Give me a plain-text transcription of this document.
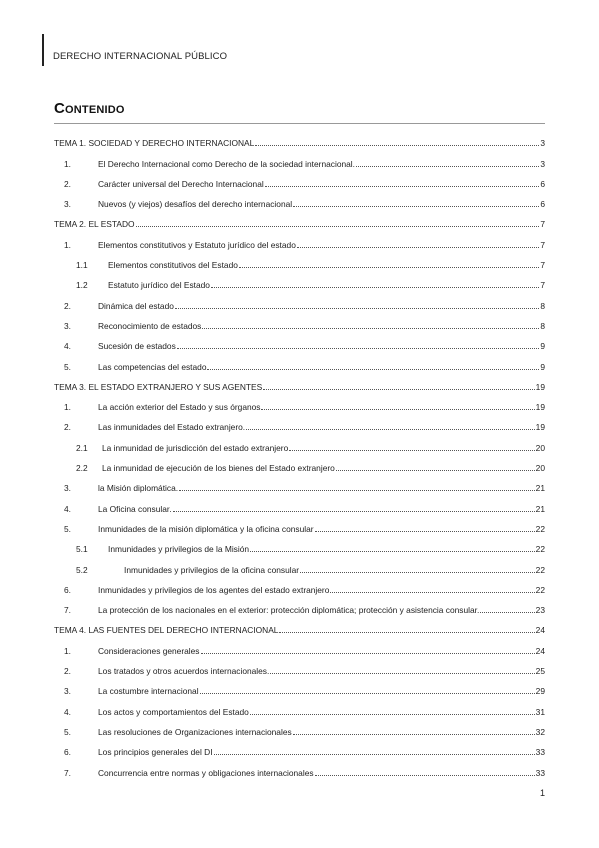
DERECHO INTERNACIONAL PÚBLICO
Contenido
TEMA 1. SOCIEDAD Y DERECHO INTERNACIONAL	3
1.	El Derecho Internacional como Derecho de la sociedad internacional.	3
2.	Carácter universal del Derecho Internacional	6
3.	Nuevos (y viejos) desafíos del derecho internacional	6
TEMA 2. EL ESTADO	7
1.	Elementos constitutivos y Estatuto jurídico del estado	7
1.1	Elementos constitutivos del Estado	7
1.2	Estatuto jurídico del Estado	7
2.	Dinámica del estado	8
3.	Reconocimiento de estados	8
4.	Sucesión de estados	9
5.	Las competencias del estado	9
TEMA 3. EL ESTADO EXTRANJERO Y SUS AGENTES	19
1.	La acción exterior del Estado y sus órganos	19
2.	Las inmunidades del Estado extranjero.	19
2.1	La inmunidad de jurisdicción del estado extranjero	20
2.2	La inmunidad de ejecución de los bienes del Estado extranjero	20
3.	la Misión diplomática.	21
4.	La Oficina consular.	21
5.	Inmunidades de la misión diplomática y la oficina consular	22
5.1	Inmunidades y privilegios de la Misión	22
5.2	Inmunidades y privilegios de la oficina consular	22
6.	Inmunidades y privilegios de los agentes del estado extranjero	22
7.	La protección de los nacionales en el exterior: protección diplomática; protección y asistencia consular.	23
TEMA 4. LAS FUENTES DEL DERECHO INTERNACIONAL	24
1.	Consideraciones generales	24
2.	Los tratados y otros acuerdos internacionales.	25
3.	La costumbre internacional	29
4.	Los actos y comportamientos del Estado	31
5.	Las resoluciones de Organizaciones internacionales	32
6.	Los principios generales del DI	33
7.	Concurrencia entre normas y obligaciones internacionales	33
1
